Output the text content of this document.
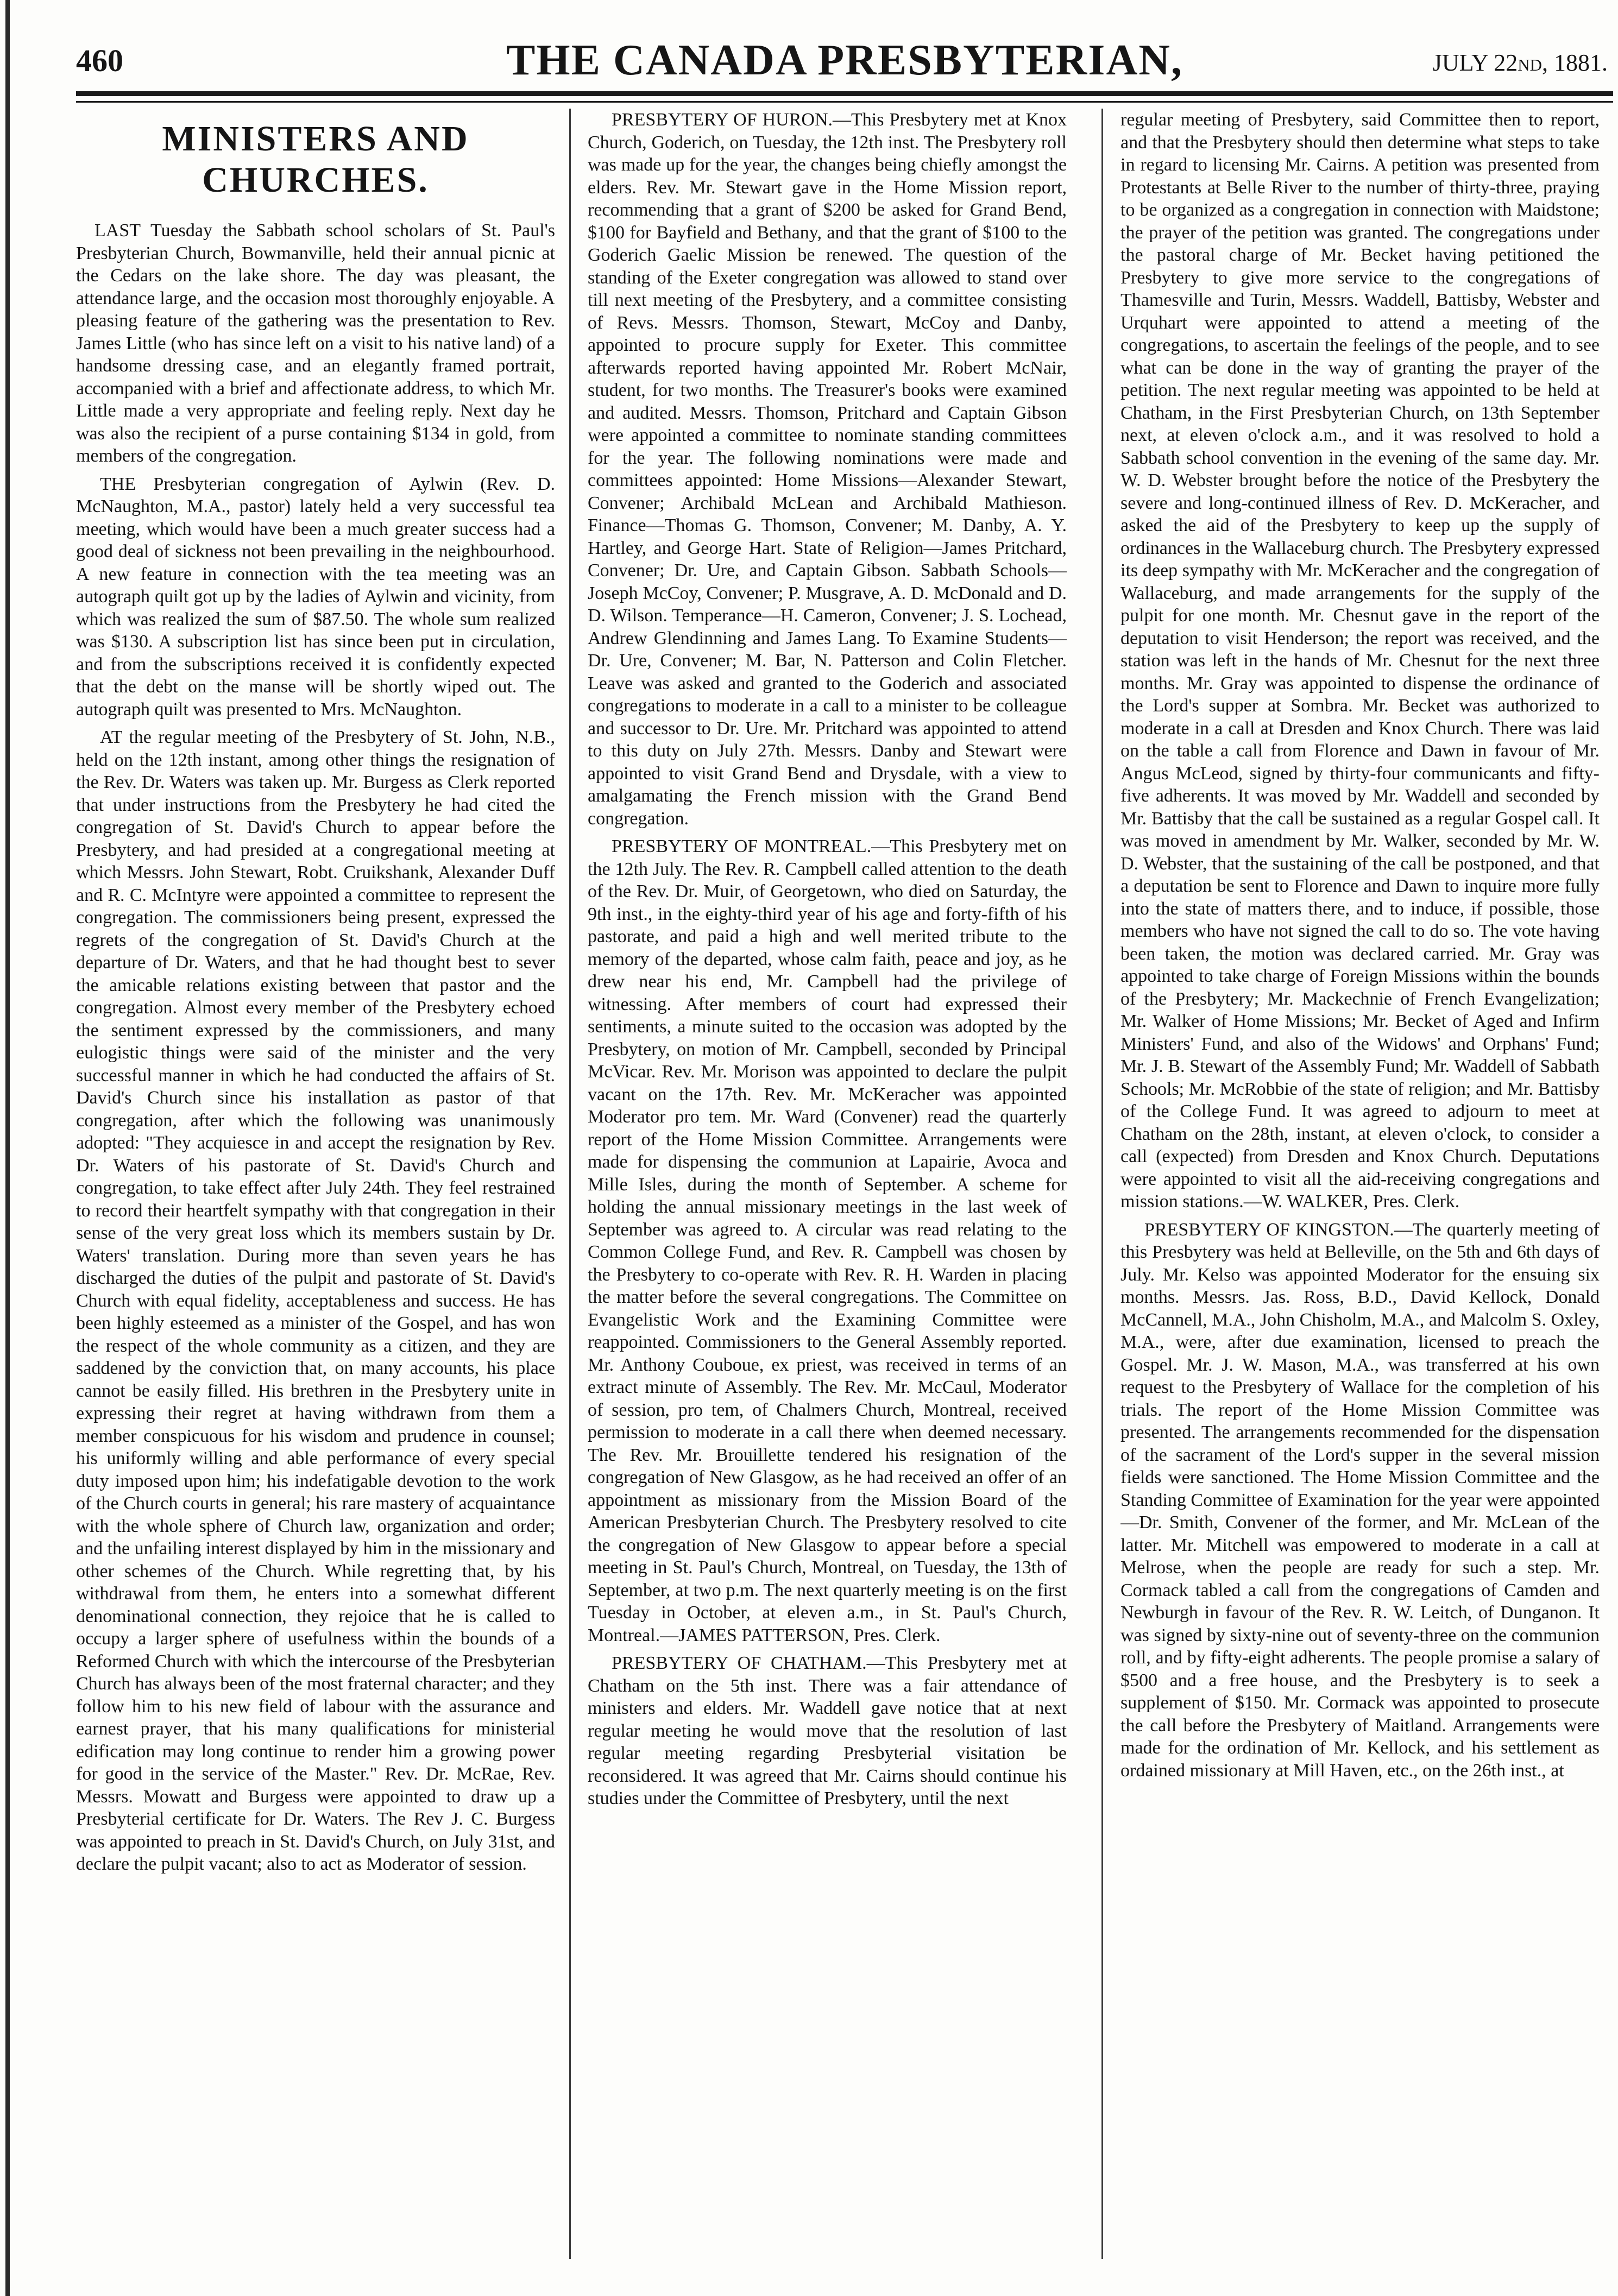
460	THE CANADA PRESBYTERIAN,	JULY 22nd, 1881.
MINISTERS AND CHURCHES.

LAST Tuesday the Sabbath school scholars of St. Paul's Presbyterian Church, Bowmanville, held their annual picnic at the Cedars on the lake shore. The day was pleasant, the attendance large, and the occasion most thoroughly enjoyable. A pleasing feature of the gathering was the presentation to Rev. James Little (who has since left on a visit to his native land) of a handsome dressing case, and an elegantly framed portrait, accompanied with a brief and affectionate address, to which Mr. Little made a very appropriate and feeling reply. Next day he was also the recipient of a purse containing $134 in gold, from members of the congregation.

THE Presbyterian congregation of Aylwin (Rev. D. McNaughton, M.A., pastor) lately held a very successful tea meeting, which would have been a much greater success had a good deal of sickness not been prevailing in the neighbourhood. A new feature in connection with the tea meeting was an autograph quilt got up by the ladies of Aylwin and vicinity, from which was realized the sum of $87.50. The whole sum realized was $130. A subscription list has since been put in circulation, and from the subscriptions received it is confidently expected that the debt on the manse will be shortly wiped out. The autograph quilt was presented to Mrs. McNaughton.

AT the regular meeting of the Presbytery of St. John, N.B., held on the 12th instant, among other things the resignation of the Rev. Dr. Waters was taken up. Mr. Burgess as Clerk reported that under instructions from the Presbytery he had cited the congregation of St. David's Church to appear before the Presbytery, and had presided at a congregational meeting at which Messrs. John Stewart, Robt. Cruikshank, Alexander Duff and R. C. McIntyre were appointed a committee to represent the congregation. The commissioners being present, expressed the regrets of the congregation of St. David's Church at the departure of Dr. Waters, and that he had thought best to sever the amicable relations existing between that pastor and the congregation. Almost every member of the Presbytery echoed the sentiment expressed by the commissioners, and many eulogistic things were said of the minister and the very successful manner in which he had conducted the affairs of St. David's Church since his installation as pastor of that congregation, after which the following was unanimously adopted: "They acquiesce in and accept the resignation by Rev. Dr. Waters of his pastorate of St. David's Church and congregation, to take effect after July 24th. They feel restrained to record their heartfelt sympathy with that congregation in their sense of the very great loss which its members sustain by Dr. Waters' translation. During more than seven years he has discharged the duties of the pulpit and pastorate of St. David's Church with equal fidelity, acceptableness and success. He has been highly esteemed as a minister of the Gospel, and has won the respect of the whole community as a citizen, and they are saddened by the conviction that, on many accounts, his place cannot be easily filled. His brethren in the Presbytery unite in expressing their regret at having withdrawn from them a member conspicuous for his wisdom and prudence in counsel; his uniformly willing and able performance of every special duty imposed upon him; his indefatigable devotion to the work of the Church courts in general; his rare mastery of acquaintance with the whole sphere of Church law, organization and order; and the unfailing interest displayed by him in the missionary and other schemes of the Church. While regretting that, by his withdrawal from them, he enters into a somewhat different denominational connection, they rejoice that he is called to occupy a larger sphere of usefulness within the bounds of a Reformed Church with which the intercourse of the Presbyterian Church has always been of the most fraternal character; and they follow him to his new field of labour with the assurance and earnest prayer, that his many qualifications for ministerial edification may long continue to render him a growing power for good in the service of the Master." Rev. Dr. McRae, Rev. Messrs. Mowatt and Burgess were appointed to draw up a Presbyterial certificate for Dr. Waters. The Rev J. C. Burgess was appointed to preach in St. David's Church, on July 31st, and declare the pulpit vacant; also to act as Moderator of session.

PRESBYTERY OF HURON.—This Presbytery met at Knox Church, Goderich, on Tuesday, the 12th inst. The Presbytery roll was made up for the year, the changes being chiefly amongst the elders. Rev. Mr. Stewart gave in the Home Mission report, recommending that a grant of $200 be asked for Grand Bend, $100 for Bayfield and Bethany, and that the grant of $100 to the Goderich Gaelic Mission be renewed. The question of the standing of the Exeter congregation was allowed to stand over till next meeting of the Presbytery, and a committee consisting of Revs. Messrs. Thomson, Stewart, McCoy and Danby, appointed to procure supply for Exeter. This committee afterwards reported having appointed Mr. Robert McNair, student, for two months. The Treasurer's books were examined and audited. Messrs. Thomson, Pritchard and Captain Gibson were appointed a committee to nominate standing committees for the year. The following nominations were made and committees appointed: Home Missions—Alexander Stewart, Convener; Archibald McLean and Archibald Mathieson. Finance—Thomas G. Thomson, Convener; M. Danby, A. Y. Hartley, and George Hart. State of Religion—James Pritchard, Convener; Dr. Ure, and Captain Gibson. Sabbath Schools—Joseph McCoy, Convener; P. Musgrave, A. D. McDonald and D. D. Wilson. Temperance—H. Cameron, Convener; J. S. Lochead, Andrew Glendinning and James Lang. To Examine Students—Dr. Ure, Convener; M. Bar, N. Patterson and Colin Fletcher. Leave was asked and granted to the Goderich and associated congregations to moderate in a call to a minister to be colleague and successor to Dr. Ure. Mr. Pritchard was appointed to attend to this duty on July 27th. Messrs. Danby and Stewart were appointed to visit Grand Bend and Drysdale, with a view to amalgamating the French mission with the Grand Bend congregation.

PRESBYTERY OF MONTREAL.—This Presbytery met on the 12th July. The Rev. R. Campbell called attention to the death of the Rev. Dr. Muir, of Georgetown, who died on Saturday, the 9th inst., in the eighty-third year of his age and forty-fifth of his pastorate, and paid a high and well merited tribute to the memory of the departed, whose calm faith, peace and joy, as he drew near his end, Mr. Campbell had the privilege of witnessing. After members of court had expressed their sentiments, a minute suited to the occasion was adopted by the Presbytery, on motion of Mr. Campbell, seconded by Principal McVicar. Rev. Mr. Morison was appointed to declare the pulpit vacant on the 17th. Rev. Mr. McKeracher was appointed Moderator pro tem. Mr. Ward (Convener) read the quarterly report of the Home Mission Committee. Arrangements were made for dispensing the communion at Lapairie, Avoca and Mille Isles, during the month of September. A scheme for holding the annual missionary meetings in the last week of September was agreed to. A circular was read relating to the Common College Fund, and Rev. R. Campbell was chosen by the Presbytery to co-operate with Rev. R. H. Warden in placing the matter before the several congregations. The Committee on Evangelistic Work and the Examining Committee were reappointed. Commissioners to the General Assembly reported. Mr. Anthony Couboue, ex priest, was received in terms of an extract minute of Assembly. The Rev. Mr. McCaul, Moderator of session, pro tem, of Chalmers Church, Montreal, received permission to moderate in a call there when deemed necessary. The Rev. Mr. Brouillette tendered his resignation of the congregation of New Glasgow, as he had received an offer of an appointment as missionary from the Mission Board of the American Presbyterian Church. The Presbytery resolved to cite the congregation of New Glasgow to appear before a special meeting in St. Paul's Church, Montreal, on Tuesday, the 13th of September, at two p.m. The next quarterly meeting is on the first Tuesday in October, at eleven a.m., in St. Paul's Church, Montreal.—JAMES PATTERSON, Pres. Clerk.

PRESBYTERY OF CHATHAM.—This Presbytery met at Chatham on the 5th inst. There was a fair attendance of ministers and elders. Mr. Waddell gave notice that at next regular meeting he would move that the resolution of last regular meeting regarding Presbyterial visitation be reconsidered. It was agreed that Mr. Cairns should continue his studies under the Committee of Presbytery, until the next

regular meeting of Presbytery, said Committee then to report, and that the Presbytery should then determine what steps to take in regard to licensing Mr. Cairns. A petition was presented from Protestants at Belle River to the number of thirty-three, praying to be organized as a congregation in connection with Maidstone; the prayer of the petition was granted. The congregations under the pastoral charge of Mr. Becket having petitioned the Presbytery to give more service to the congregations of Thamesville and Turin, Messrs. Waddell, Battisby, Webster and Urquhart were appointed to attend a meeting of the congregations, to ascertain the feelings of the people, and to see what can be done in the way of granting the prayer of the petition. The next regular meeting was appointed to be held at Chatham, in the First Presbyterian Church, on 13th September next, at eleven o'clock a.m., and it was resolved to hold a Sabbath school convention in the evening of the same day. Mr. W. D. Webster brought before the notice of the Presbytery the severe and long-continued illness of Rev. D. McKeracher, and asked the aid of the Presbytery to keep up the supply of ordinances in the Wallaceburg church. The Presbytery expressed its deep sympathy with Mr. McKeracher and the congregation of Wallaceburg, and made arrangements for the supply of the pulpit for one month. Mr. Chesnut gave in the report of the deputation to visit Henderson; the report was received, and the station was left in the hands of Mr. Chesnut for the next three months. Mr. Gray was appointed to dispense the ordinance of the Lord's supper at Sombra. Mr. Becket was authorized to moderate in a call at Dresden and Knox Church. There was laid on the table a call from Florence and Dawn in favour of Mr. Angus McLeod, signed by thirty-four communicants and fifty-five adherents. It was moved by Mr. Waddell and seconded by Mr. Battisby that the call be sustained as a regular Gospel call. It was moved in amendment by Mr. Walker, seconded by Mr. W. D. Webster, that the sustaining of the call be postponed, and that a deputation be sent to Florence and Dawn to inquire more fully into the state of matters there, and to induce, if possible, those members who have not signed the call to do so. The vote having been taken, the motion was declared carried. Mr. Gray was appointed to take charge of Foreign Missions within the bounds of the Presbytery; Mr. Mackechnie of French Evangelization; Mr. Walker of Home Missions; Mr. Becket of Aged and Infirm Ministers' Fund, and also of the Widows' and Orphans' Fund; Mr. J. B. Stewart of the Assembly Fund; Mr. Waddell of Sabbath Schools; Mr. McRobbie of the state of religion; and Mr. Battisby of the College Fund. It was agreed to adjourn to meet at Chatham on the 28th, instant, at eleven o'clock, to consider a call (expected) from Dresden and Knox Church. Deputations were appointed to visit all the aid-receiving congregations and mission stations.—W. WALKER, Pres. Clerk.

PRESBYTERY OF KINGSTON.—The quarterly meeting of this Presbytery was held at Belleville, on the 5th and 6th days of July. Mr. Kelso was appointed Moderator for the ensuing six months. Messrs. Jas. Ross, B.D., David Kellock, Donald McCannell, M.A., John Chisholm, M.A., and Malcolm S. Oxley, M.A., were, after due examination, licensed to preach the Gospel. Mr. J. W. Mason, M.A., was transferred at his own request to the Presbytery of Wallace for the completion of his trials. The report of the Home Mission Committee was presented. The arrangements recommended for the dispensation of the sacrament of the Lord's supper in the several mission fields were sanctioned. The Home Mission Committee and the Standing Committee of Examination for the year were appointed—Dr. Smith, Convener of the former, and Mr. McLean of the latter. Mr. Mitchell was empowered to moderate in a call at Melrose, when the people are ready for such a step. Mr. Cormack tabled a call from the congregations of Camden and Newburgh in favour of the Rev. R. W. Leitch, of Dunganon. It was signed by sixty-nine out of seventy-three on the communion roll, and by fifty-eight adherents. The people promise a salary of $500 and a free house, and the Presbytery is to seek a supplement of $150. Mr. Cormack was appointed to prosecute the call before the Presbytery of Maitland. Arrangements were made for the ordination of Mr. Kellock, and his settlement as ordained missionary at Mill Haven, etc., on the 26th inst., at
